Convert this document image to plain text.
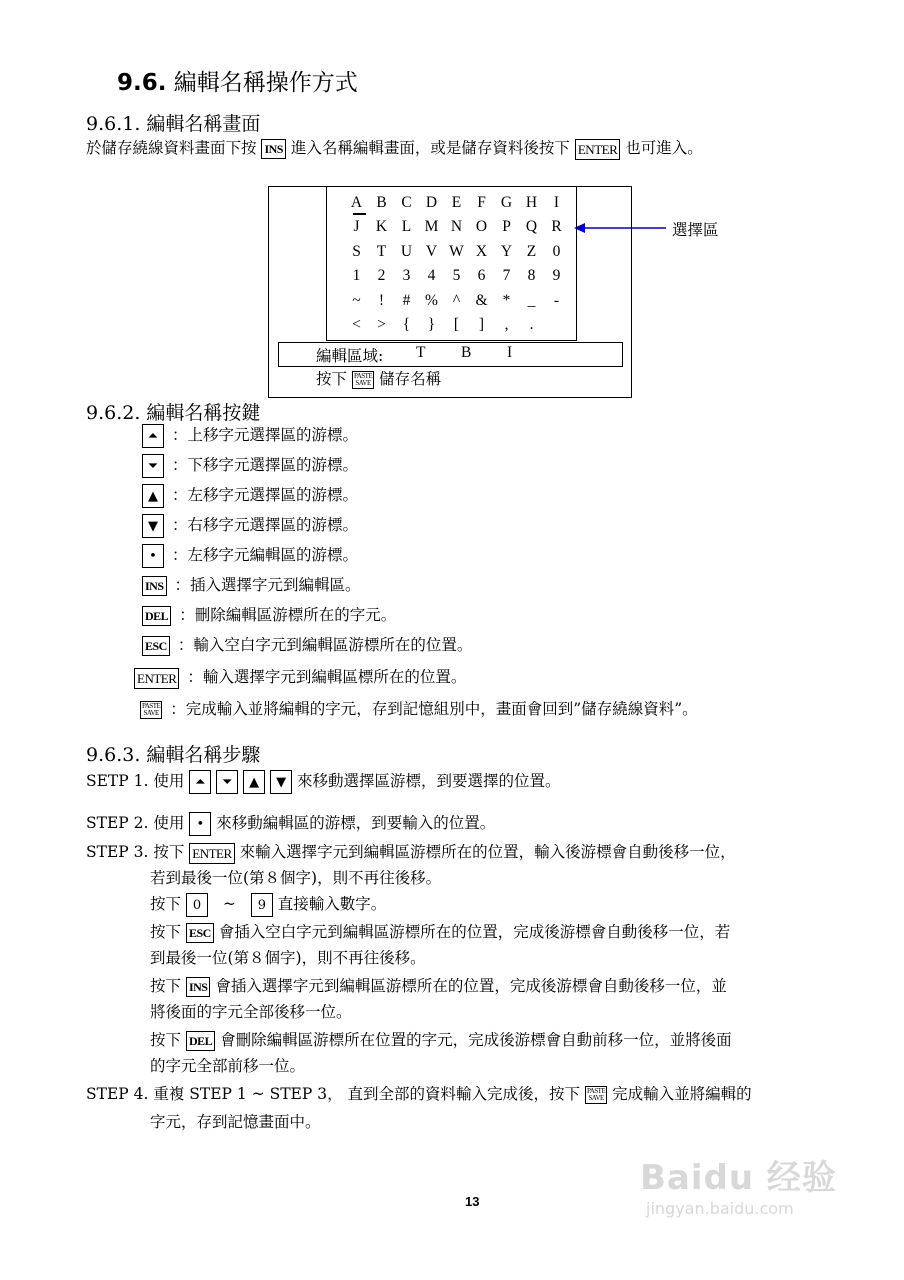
9.6. 編輯名稱操作方式
9.6.1. 編輯名稱畫面
於儲存繞線資料畫面下按 INS 進入名稱編輯畫面，或是儲存資料後按下 ENTER 也可進入。
A B C D E F G H I
J K L M N O P Q R
S T U V W X Y Z 0
1 2 3 4 5 6 7 8 9
~ ! # % ^ & * _ -
< > { } [ ] , .
選擇區
編輯區域: T  B  I
按下 PASTE
SAVE 儲存名稱
9.6.2. 編輯名稱按鍵
⏶ ：上移字元選擇區的游標。
⏷ ：下移字元選擇區的游標。
▲ ：左移字元選擇區的游標。
▼ ：右移字元選擇區的游標。
• ：左移字元編輯區的游標。
INS ：插入選擇字元到編輯區。
DEL ：刪除編輯區游標所在的字元。
ESC ：輸入空白字元到編輯區游標所在的位置。
ENTER ：輸入選擇字元到編輯區標所在的位置。
PASTE
SAVE ：完成輸入並將編輯的字元，存到記憶組別中，畫面會回到”儲存繞線資料”。
9.6.3. 編輯名稱步驟
SETP 1. 使用 ⏶ ⏷ ▲ ▼ 來移動選擇區游標，到要選擇的位置。
STEP 2. 使用 • 來移動編輯區的游標，到要輸入的位置。
STEP 3. 按下 ENTER 來輸入選擇字元到編輯區游標所在的位置，輸入後游標會自動後移一位，
若到最後一位(第８個字)，則不再往後移。
按下 0 ~ 9 直接輸入數字。
按下 ESC 會插入空白字元到編輯區游標所在的位置，完成後游標會自動後移一位，若
到最後一位(第８個字)，則不再往後移。
按下 INS 會插入選擇字元到編輯區游標所在的位置，完成後游標會自動後移一位，並
將後面的字元全部後移一位。
按下 DEL 會刪除編輯區游標所在位置的字元，完成後游標會自動前移一位，並將後面
的字元全部前移一位。
STEP 4. 重複 STEP 1 ~ STEP 3， 直到全部的資料輸入完成後，按下 PASTE
SAVE 完成輸入並將編輯的
字元，存到記憶畫面中。
13
Baidu 经验
jingyan.baidu.com
